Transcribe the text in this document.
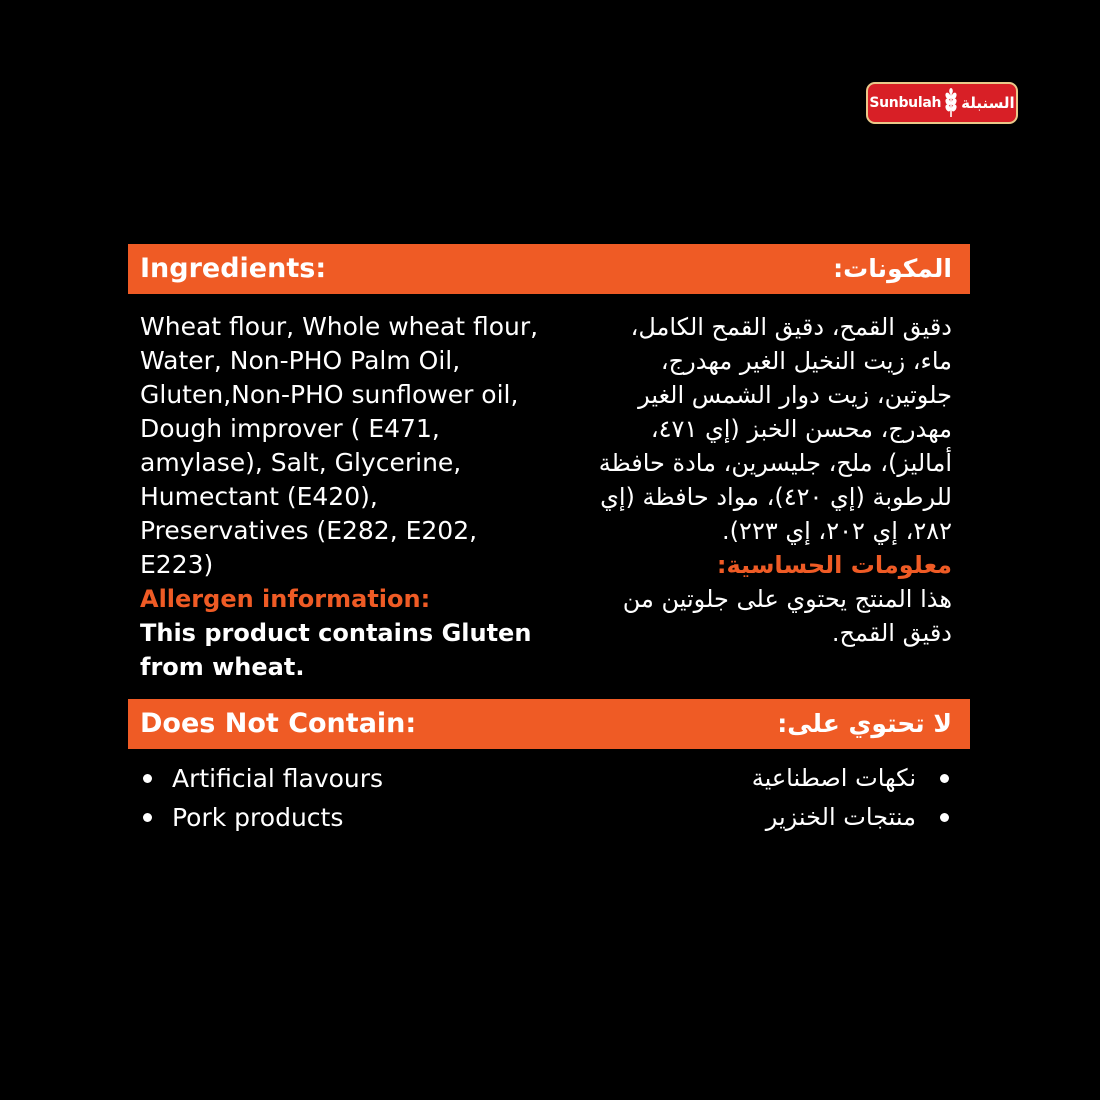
Sunbulah السنبلة
Ingredients:	المكونات:
Wheat flour, Whole wheat flour, Water, Non-PHO Palm Oil, Gluten,Non-PHO sunflower oil, Dough improver ( E471, amylase), Salt, Glycerine, Humectant (E420), Preservatives (E282, E202, E223)
Allergen information:
This product contains Gluten from wheat.
دقيق القمح، دقيق القمح الكامل، ماء، زيت النخيل الغير مهدرج، جلوتين، زيت دوار الشمس الغير مهدرج، محسن الخبز (إي ٤٧١، أماليز)، ملح، جليسرين، مادة حافظة للرطوبة (إي ٤٢٠)، مواد حافظة (إي ٢٨٢، إي ٢٠٢، إي ٢٢٣).
معلومات الحساسية:
هذا المنتج يحتوي على جلوتين من دقيق القمح.
Does Not Contain:	لا تحتوي على:
Artificial flavours
Pork products
نكهات اصطناعية
منتجات الخنزير
